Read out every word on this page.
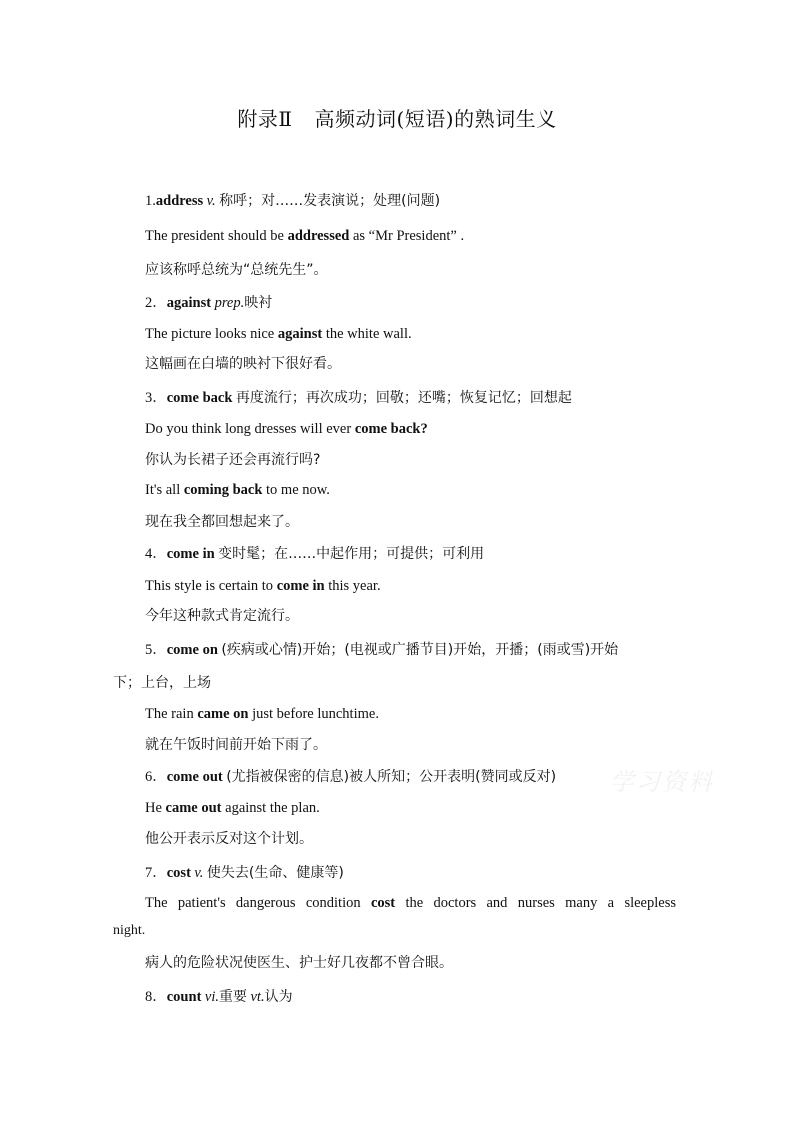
附录Ⅱ 高频动词(短语)的熟词生义
1.address v. 称呼；对……发表演说；处理(问题)
The president should be addressed as “Mr President” .
应该称呼总统为“总统先生”。
2．against prep.映衬
The picture looks nice against the white wall.
这幅画在白墙的映衬下很好看。
3．come back 再度流行；再次成功；回敬；还嘴；恢复记忆；回想起
Do you think long dresses will ever come back?
你认为长裙子还会再流行吗?
It's all coming back to me now.
现在我全都回想起来了。
4．come in 变时髦；在……中起作用；可提供；可利用
This style is certain to come in this year.
今年这种款式肯定流行。
5．come on (疾病或心情)开始；(电视或广播节目)开始，开播；(雨或雪)开始
下；上台，上场
The rain came on just before lunchtime.
就在午饭时间前开始下雨了。
6．come out (尤指被保密的信息)被人所知；公开表明(赞同或反对)
He came out against the plan.
他公开表示反对这个计划。
7．cost v. 使失去(生命、健康等)
The patient's dangerous condition cost the doctors and nurses many a sleepless
night.
病人的危险状况使医生、护士好几夜都不曾合眼。
8．count vi.重要 vt.认为
学习资料
